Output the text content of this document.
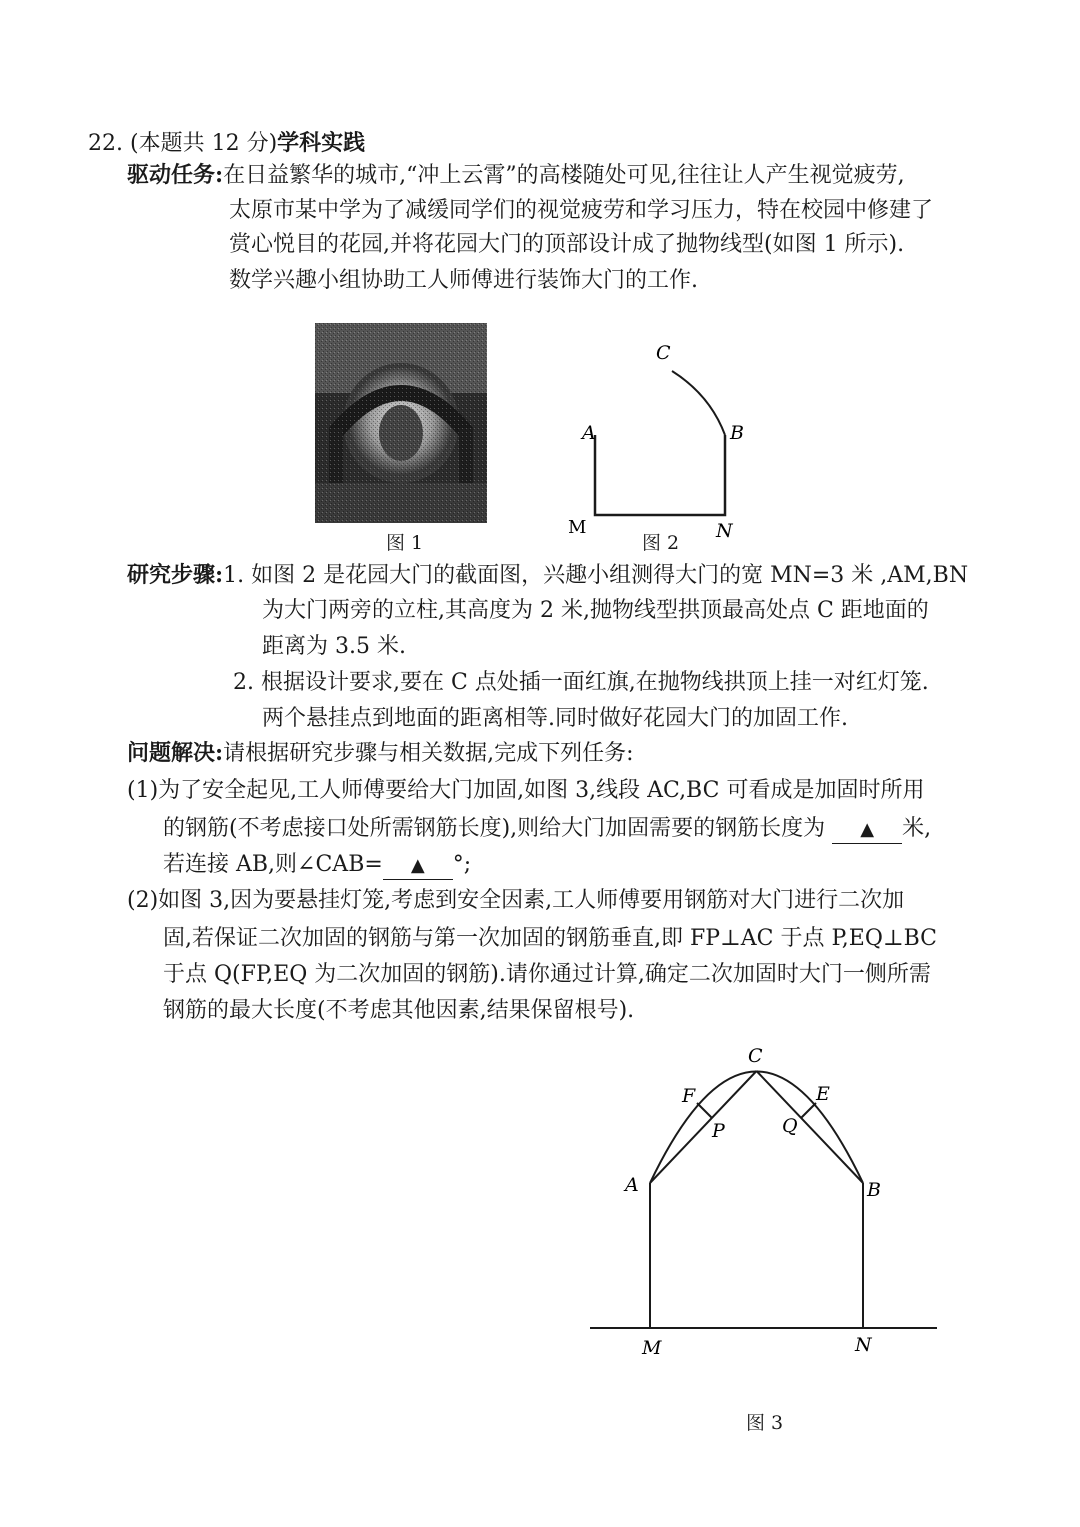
22. (本题共 12 分)学科实践
驱动任务:在日益繁华的城市,“冲上云霄”的高楼随处可见,往往让人产生视觉疲劳,
太原市某中学为了减缓同学们的视觉疲劳和学习压力，特在校园中修建了
赏心悦目的花园,并将花园大门的顶部设计成了抛物线型(如图 1 所示).
数学兴趣小组协助工人师傅进行装饰大门的工作.
图 1
C
A	B
M	N
图 2
研究步骤:1. 如图 2 是花园大门的截面图，兴趣小组测得大门的宽 MN=3 米 ,AM,BN
为大门两旁的立柱,其高度为 2 米,抛物线型拱顶最高处点 C 距地面的
距离为 3.5 米.
2. 根据设计要求,要在 C 点处插一面红旗,在抛物线拱顶上挂一对红灯笼.
两个悬挂点到地面的距离相等.同时做好花园大门的加固工作.
问题解决:请根据研究步骤与相关数据,完成下列任务:
(1)为了安全起见,工人师傅要给大门加固,如图 3,线段 AC,BC 可看成是加固时所用
的钢筋(不考虑接口处所需钢筋长度),则给大门加固需要的钢筋长度为 ▲ 米,
若连接 AB,则∠CAB= ▲ °;
(2)如图 3,因为要悬挂灯笼,考虑到安全因素,工人师傅要用钢筋对大门进行二次加
固,若保证二次加固的钢筋与第一次加固的钢筋垂直,即 FP⊥AC 于点 P,EQ⊥BC
于点 Q(FP,EQ 为二次加固的钢筋).请你通过计算,确定二次加固时大门一侧所需
钢筋的最大长度(不考虑其他因素,结果保留根号).
C
F	E
P	Q
A	B
M	N
图 3
